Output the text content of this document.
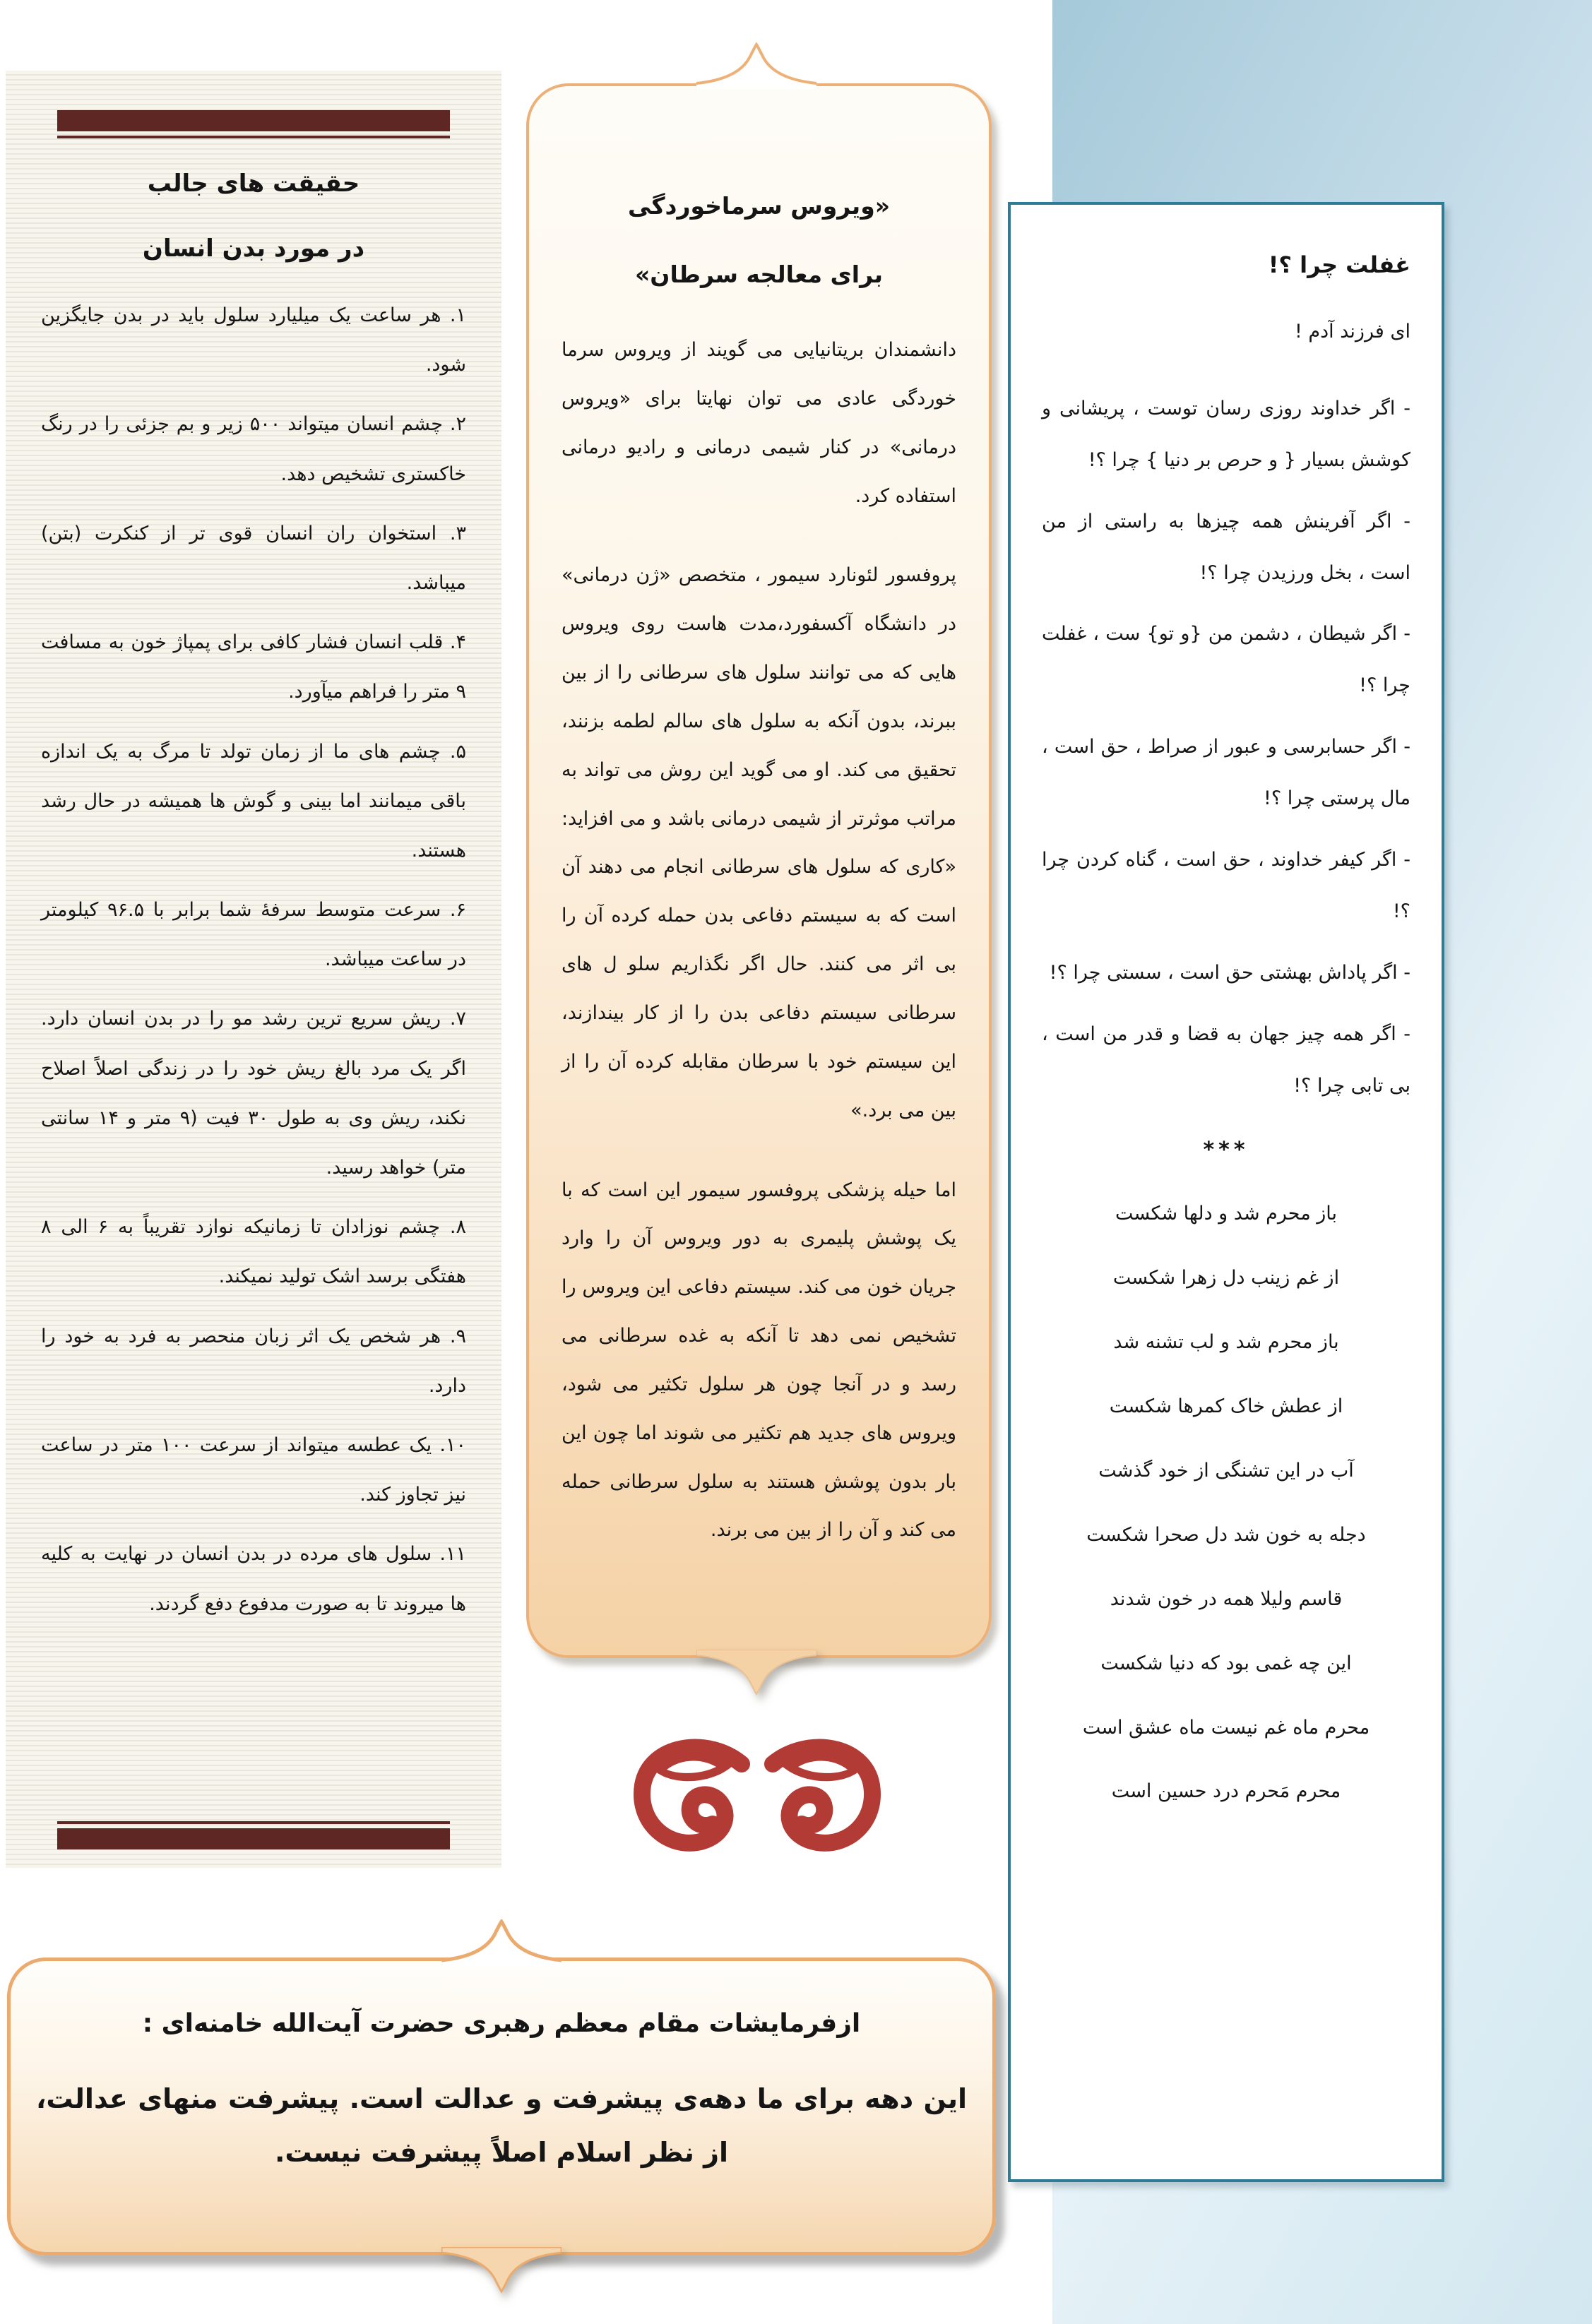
حقیقت های جالب
در مورد بدن انسان

۱. هر ساعت یک میلیارد سلول باید در بدن جایگزین شود.

۲. چشم انسان میتواند ۵۰۰ زیر و بم جزئی را در رنگ خاکستری تشخیص دهد.

۳. استخوان ران انسان قوی تر از کنکرت (بتن) میباشد.

۴. قلب انسان فشار کافی برای پمپاژ خون به مسافت ۹ متر را فراهم میآورد.

۵. چشم های ما از زمان تولد تا مرگ به یک اندازه باقی میمانند اما بینی و گوش ها همیشه در حال رشد هستند.

۶. سرعت متوسط سرفهٔ شما برابر با ۹۶.۵ کیلومتر در ساعت میباشد.

۷. ریش سریع ترین رشد مو را در بدن انسان دارد. اگر یک مرد بالغ ریش خود را در زندگی اصلاً اصلاح نکند، ریش وی به طول ۳۰ فیت (۹ متر و ۱۴ سانتی متر) خواهد رسید.

۸. چشم نوزادان تا زمانیکه نوازد تقریباً به ۶ الی ۸ هفتگی برسد اشک تولید نمیکند.

۹. هر شخص یک اثر زبان منحصر به فرد به خود را دارد.

۱۰. یک عطسه میتواند از سرعت ۱۰۰ متر در ساعت نیز تجاوز کند.

۱۱. سلول های مرده در بدن انسان در نهایت به کلیه ها میروند تا به صورت مدفوع دفع گردند.

«ویروس سرماخوردگی
برای معالجه سرطان»

دانشمندان بریتانیایی می گویند از ویروس سرما خوردگی عادی می توان نهایتا برای «ویروس درمانی» در کنار شیمی درمانی و رادیو درمانی استفاده کرد.

پروفسور لئونارد سیمور ، متخصص «ژن درمانی» در دانشگاه آکسفورد،مدت هاست روی ویروس هایی که می توانند سلول های سرطانی را از بین ببرند، بدون آنکه به سلول های سالم لطمه بزنند، تحقیق می کند. او می گوید این روش می تواند به مراتب موثرتر از شیمی درمانی باشد و می افزاید: «کاری که سلول های سرطانی انجام می دهند آن است که به سیستم دفاعی بدن حمله کرده آن را بی اثر می کنند. حال اگر نگذاریم سلو ل های سرطانی سیستم دفاعی بدن را از کار بیندازند، این سیستم خود با سرطان مقابله کرده آن را از بین می برد.»

اما حیله پزشکی پروفسور سیمور این است که با یک پوشش پلیمری به دور ویروس آن را وارد جریان خون می کند. سیستم دفاعی این ویروس را تشخیص نمی دهد تا آنکه به غده سرطانی می رسد و در آنجا چون هر سلول تکثیر می شود، ویروس های جدید هم تکثیر می شوند اما چون این بار بدون پوشش هستند به سلول سرطانی حمله می کند و آن را از بین می برند.

غفلت چرا ؟!
ای فرزند آدم !

- اگر خداوند روزی رسان توست ، پریشانی و کوشش بسیار { و حرص بر دنیا } چرا ؟!

- اگر آفرینش همه چیزها به راستی از من است ، بخل ورزیدن چرا ؟!

- اگر شیطان ، دشمن من {و تو} ست ، غفلت چرا ؟!

- اگر حسابرسی و عبور از صراط ، حق است ، مال پرستی چرا ؟!

- اگر کیفر خداوند ، حق است ، گناه کردن چرا ؟!

- اگر پاداش بهشتی حق است ، سستی چرا ؟!

- اگر همه چیز جهان به قضا و قدر من است ، بی تابی چرا ؟!

***
باز محرم شد و دلها شکست
از غم زینب دل زهرا شکست
باز محرم شد و لب تشنه شد
از عطش خاک کمرها شکست
آب در این تشنگی از خود گذشت
دجله به خون شد دل صحرا شکست
قاسم ولیلا همه در خون شدند
این چه غمی بود که دنیا شکست
محرم ماه غم نیست ماه عشق است
محرم مَحرم درد حسین است
ازفرمایشات مقام معظم رهبری حضرت آیت‌الله خامنه‌ای :
این دهه برای ما دهه‌ی پیشرفت و عدالت است. پیشرفت منهای عدالت، از نظر اسلام اصلاً پیشرفت نیست.
